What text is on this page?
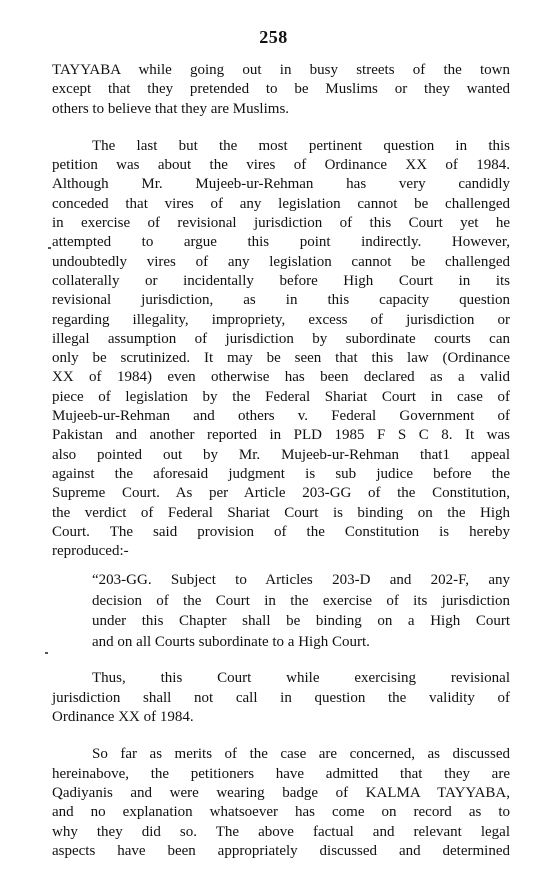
258
TAYYABA while going out in busy streets of the town
except that they pretended to be Muslims or they wanted
others to believe that they are Muslims.
The last but the most pertinent question in this
petition was about the vires of Ordinance XX of 1984.
Although Mr. Mujeeb-ur-Rehman has very candidly
conceded that vires of any legislation cannot be challenged
in exercise of revisional jurisdiction of this Court yet he
attempted to argue this point indirectly. However,
undoubtedly vires of any legislation cannot be challenged
collaterally or incidentally before High Court in its
revisional jurisdiction, as in this capacity question
regarding illegality, impropriety, excess of jurisdiction or
illegal assumption of jurisdiction by subordinate courts can
only be scrutinized. It may be seen that this law (Ordinance
XX of 1984) even otherwise has been declared as a valid
piece of legislation by the Federal Shariat Court in case of
Mujeeb-ur-Rehman and others v. Federal Government of
Pakistan and another reported in PLD 1985 F S C 8. It was
also pointed out by Mr. Mujeeb-ur-Rehman that1 appeal
against the aforesaid judgment is sub judice before the
Supreme Court. As per Article 203-GG of the Constitution,
the verdict of Federal Shariat Court is binding on the High
Court. The said provision of the Constitution is hereby
reproduced:-
“203-GG. Subject to Articles 203-D and 202-F, any
decision of the Court in the exercise of its jurisdiction
under this Chapter shall be binding on a High Court
and on all Courts subordinate to a High Court.
Thus, this Court while exercising revisional
jurisdiction shall not call in question the validity of
Ordinance XX of 1984.
So far as merits of the case are concerned, as discussed
hereinabove, the petitioners have admitted that they are
Qadiyanis and were wearing badge of KALMA TAYYABA,
and no explanation whatsoever has come on record as to
why they did so. The above factual and relevant legal
aspects have been appropriately discussed and determined
